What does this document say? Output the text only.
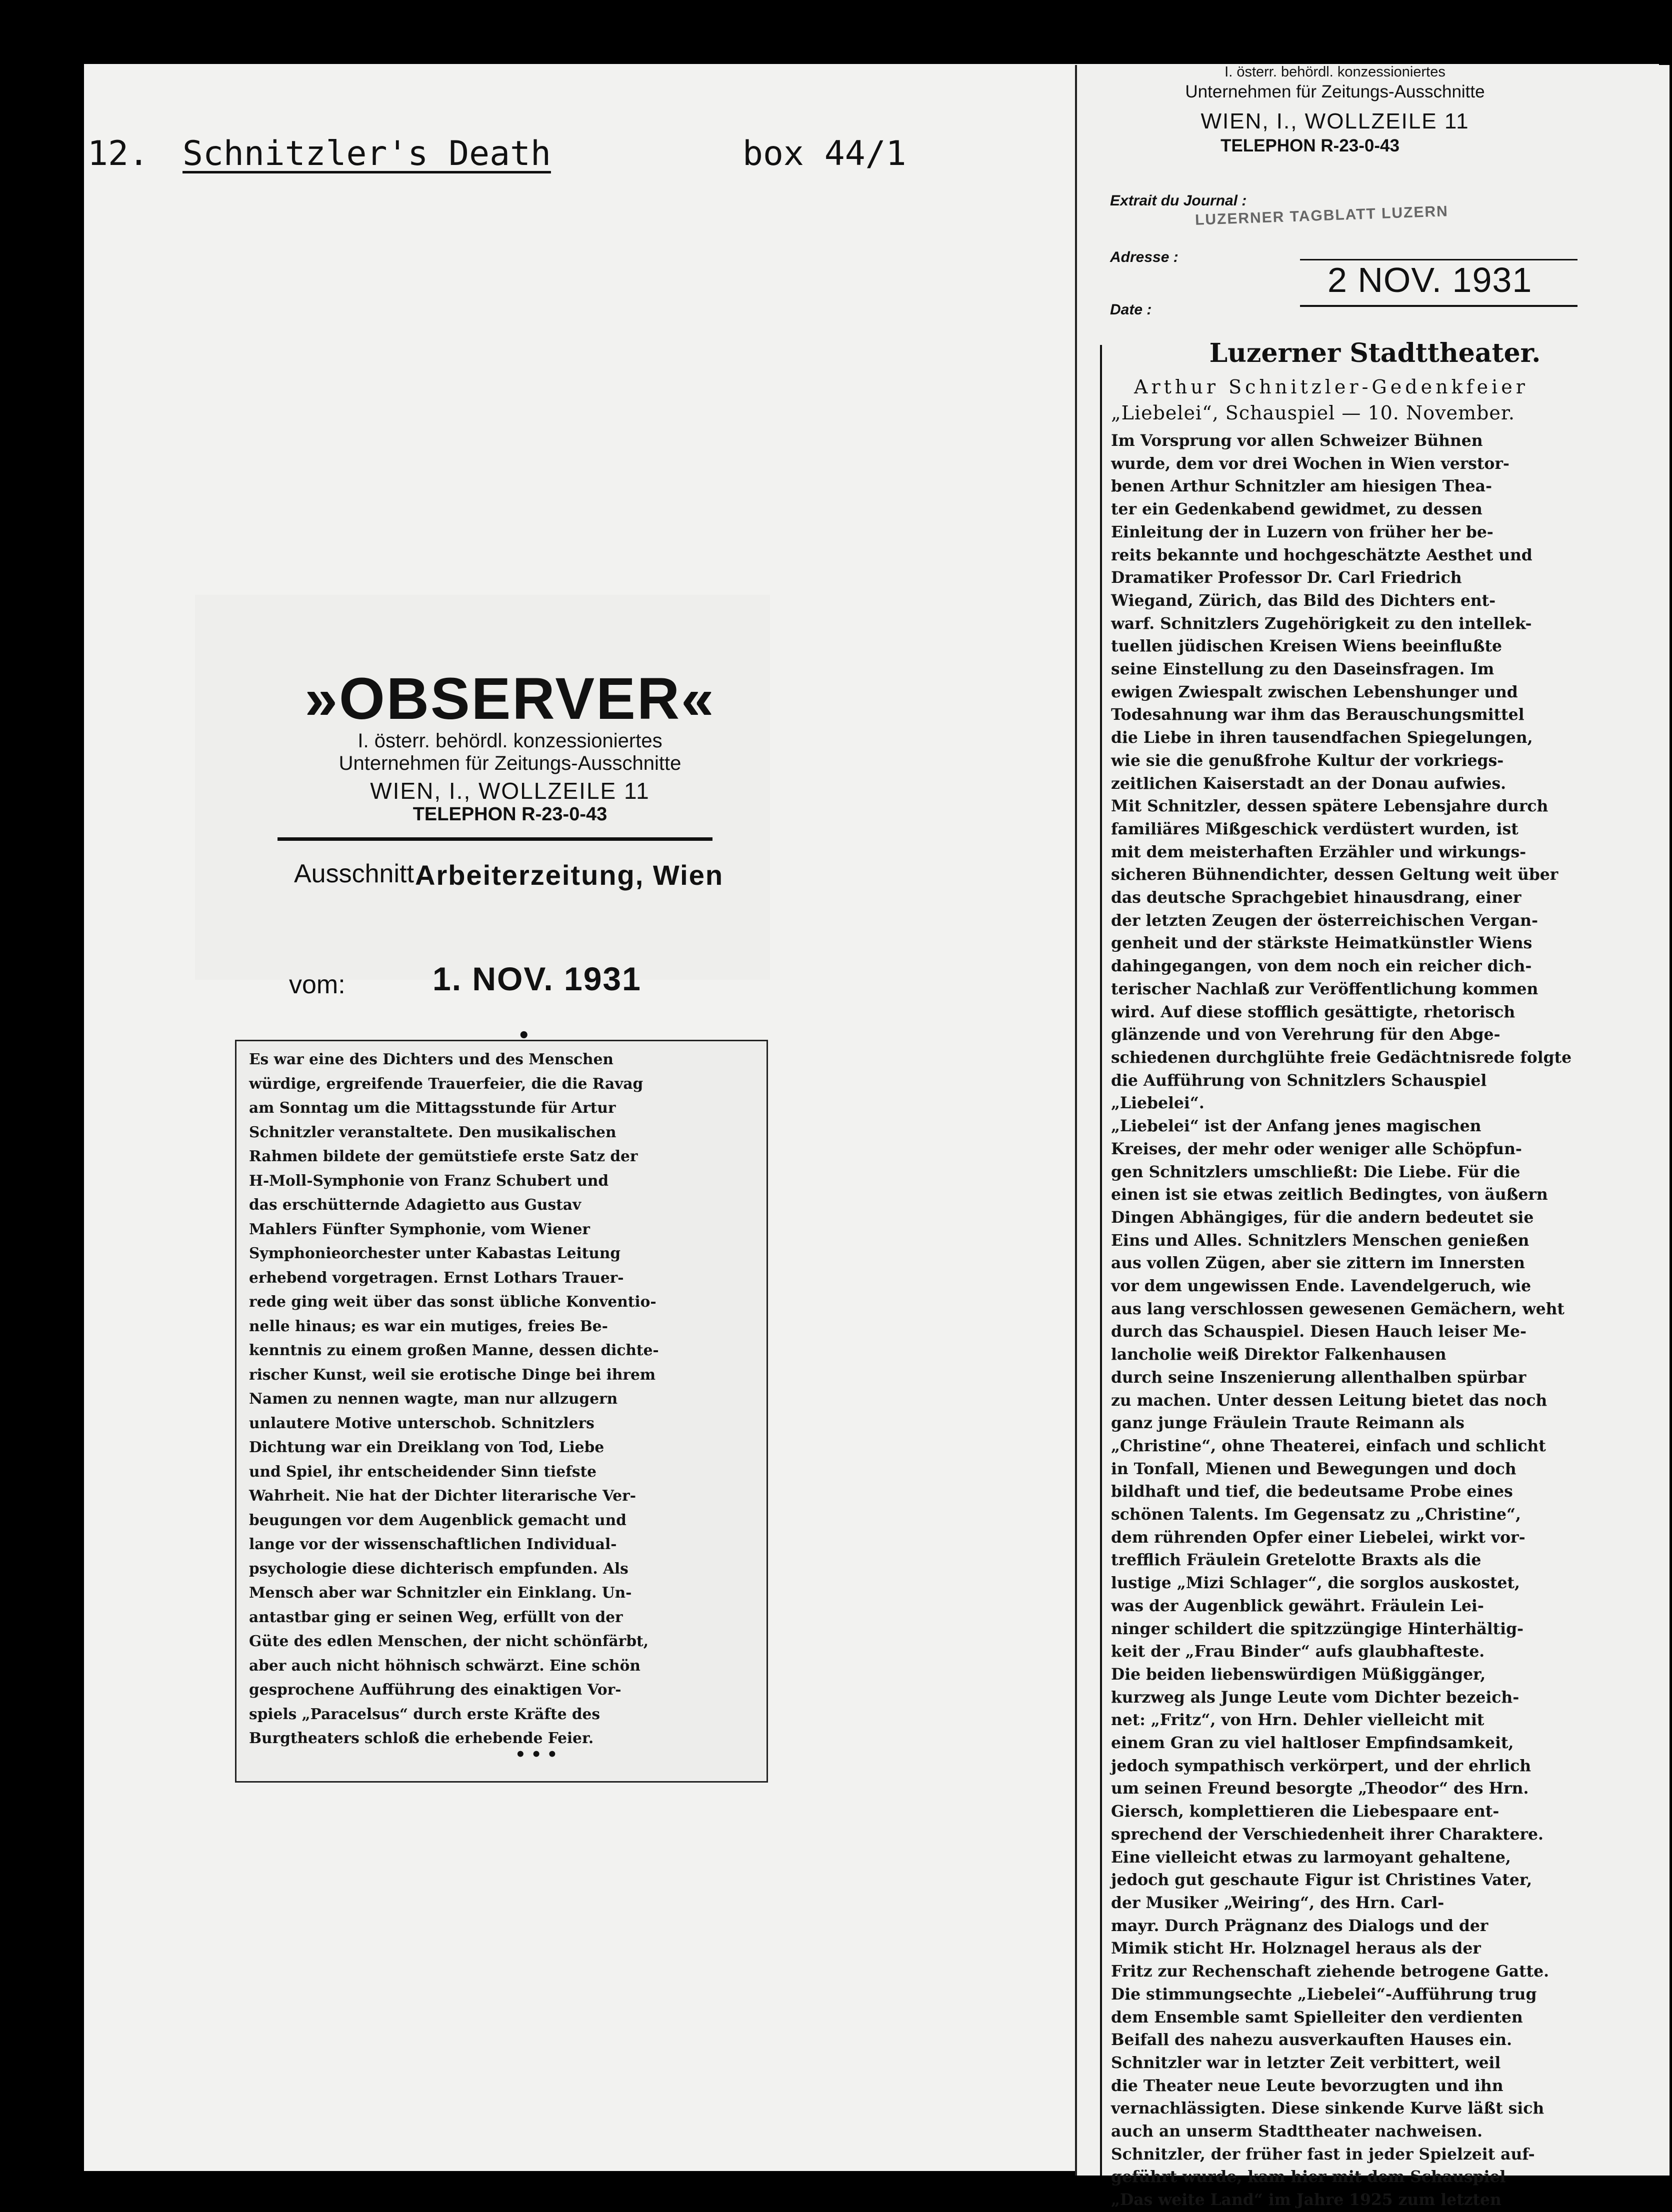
12. Schnitzler's Death	box 44/1
»OBSERVER«
I. österr. behördl. konzessioniertes
Unternehmen für Zeitungs-Ausschnitte
WIEN, I., WOLLZEILE 11
TELEPHON R-23-0-43
Ausschnitt Arbeiterzeitung, Wien
vom:	1. NOV. 1931
•
Es war eine des Dichters und des Menschen
würdige, ergreifende Trauerfeier, die die Ravag
am Sonntag um die Mittagsstunde für Artur
Schnitzler veranstaltete. Den musikalischen
Rahmen bildete der gemütstiefe erste Satz der
H-Moll-Symphonie von Franz Schubert und
das erschütternde Adagietto aus Gustav
Mahlers Fünfter Symphonie, vom Wiener
Symphonieorchester unter Kabastas Leitung
erhebend vorgetragen. Ernst Lothars Trauer-
rede ging weit über das sonst übliche Konventio-
nelle hinaus; es war ein mutiges, freies Be-
kenntnis zu einem großen Manne, dessen dichte-
rischer Kunst, weil sie erotische Dinge bei ihrem
Namen zu nennen wagte, man nur allzugern
unlautere Motive unterschob. Schnitzlers
Dichtung war ein Dreiklang von Tod, Liebe
und Spiel, ihr entscheidender Sinn tiefste
Wahrheit. Nie hat der Dichter literarische Ver-
beugungen vor dem Augenblick gemacht und
lange vor der wissenschaftlichen Individual-
psychologie diese dichterisch empfunden. Als
Mensch aber war Schnitzler ein Einklang. Un-
antastbar ging er seinen Weg, erfüllt von der
Güte des edlen Menschen, der nicht schönfärbt,
aber auch nicht höhnisch schwärzt. Eine schön
gesprochene Aufführung des einaktigen Vor-
spiels „Paracelsus“ durch erste Kräfte des
Burgtheaters schloß die erhebende Feier.
•••
I. österr. behördl. konzessioniertes
Unternehmen für Zeitungs-Ausschnitte
WIEN, I., WOLLZEILE 11
TELEPHON R-23-0-43
Extrait du Journal :
Adresse :
LUZERNER TAGBLATT LUZERN
Date :
2 NOV. 1931
Luzerner Stadttheater.
Arthur Schnitzler-Gedenkfeier
„Liebelei“, Schauspiel — 10. November.
Im Vorsprung vor allen Schweizer Bühnen
wurde, dem vor drei Wochen in Wien verstor-
benen Arthur Schnitzler am hiesigen Thea-
ter ein Gedenkabend gewidmet, zu dessen
Einleitung der in Luzern von früher her be-
reits bekannte und hochgeschätzte Aesthet und
Dramatiker Professor Dr. Carl Friedrich
Wiegand, Zürich, das Bild des Dichters ent-
warf. Schnitzlers Zugehörigkeit zu den intellek-
tuellen jüdischen Kreisen Wiens beeinflußte
seine Einstellung zu den Daseinsfragen. Im
ewigen Zwiespalt zwischen Lebenshunger und
Todesahnung war ihm das Berauschungsmittel
die Liebe in ihren tausendfachen Spiegelungen,
wie sie die genußfrohe Kultur der vorkriegs-
zeitlichen Kaiserstadt an der Donau aufwies.
Mit Schnitzler, dessen spätere Lebensjahre durch
familiäres Mißgeschick verdüstert wurden, ist
mit dem meisterhaften Erzähler und wirkungs-
sicheren Bühnendichter, dessen Geltung weit über
das deutsche Sprachgebiet hinausdrang, einer
der letzten Zeugen der österreichischen Vergan-
genheit und der stärkste Heimatkünstler Wiens
dahingegangen, von dem noch ein reicher dich-
terischer Nachlaß zur Veröffentlichung kommen
wird. Auf diese stofflich gesättigte, rhetorisch
glänzende und von Verehrung für den Abge-
schiedenen durchglühte freie Gedächtnisrede folgte
die Aufführung von Schnitzlers Schauspiel
„Liebelei“.
„Liebelei“ ist der Anfang jenes magischen
Kreises, der mehr oder weniger alle Schöpfun-
gen Schnitzlers umschließt: Die Liebe. Für die
einen ist sie etwas zeitlich Bedingtes, von äußern
Dingen Abhängiges, für die andern bedeutet sie
Eins und Alles. Schnitzlers Menschen genießen
aus vollen Zügen, aber sie zittern im Innersten
vor dem ungewissen Ende. Lavendelgeruch, wie
aus lang verschlossen gewesenen Gemächern, weht
durch das Schauspiel. Diesen Hauch leiser Me-
lancholie weiß Direktor Falkenhausen
durch seine Inszenierung allenthalben spürbar
zu machen. Unter dessen Leitung bietet das noch
ganz junge Fräulein Traute Reimann als
„Christine“, ohne Theaterei, einfach und schlicht
in Tonfall, Mienen und Bewegungen und doch
bildhaft und tief, die bedeutsame Probe eines
schönen Talents. Im Gegensatz zu „Christine“,
dem rührenden Opfer einer Liebelei, wirkt vor-
trefflich Fräulein Gretelotte Braxts als die
lustige „Mizi Schlager“, die sorglos auskostet,
was der Augenblick gewährt. Fräulein Lei-
ninger schildert die spitzzüngige Hinterhältig-
keit der „Frau Binder“ aufs glaubhafteste.
Die beiden liebenswürdigen Müßiggänger,
kurzweg als Junge Leute vom Dichter bezeich-
net: „Fritz“, von Hrn. Dehler vielleicht mit
einem Gran zu viel haltloser Empfindsamkeit,
jedoch sympathisch verkörpert, und der ehrlich
um seinen Freund besorgte „Theodor“ des Hrn.
Giersch, komplettieren die Liebespaare ent-
sprechend der Verschiedenheit ihrer Charaktere.
Eine vielleicht etwas zu larmoyant gehaltene,
jedoch gut geschaute Figur ist Christines Vater,
der Musiker „Weiring“, des Hrn. Carl-
mayr. Durch Prägnanz des Dialogs und der
Mimik sticht Hr. Holznagel heraus als der
Fritz zur Rechenschaft ziehende betrogene Gatte.
Die stimmungsechte „Liebelei“-Aufführung trug
dem Ensemble samt Spielleiter den verdienten
Beifall des nahezu ausverkauften Hauses ein.
Schnitzler war in letzter Zeit verbittert, weil
die Theater neue Leute bevorzugten und ihn
vernachlässigten. Diese sinkende Kurve läßt sich
auch an unserm Stadttheater nachweisen.
Schnitzler, der früher fast in jeder Spielzeit auf-
geführt wurde, kam hier mit dem Schauspiel
„Das weite Land“ im Jahre 1925 zum letzten
